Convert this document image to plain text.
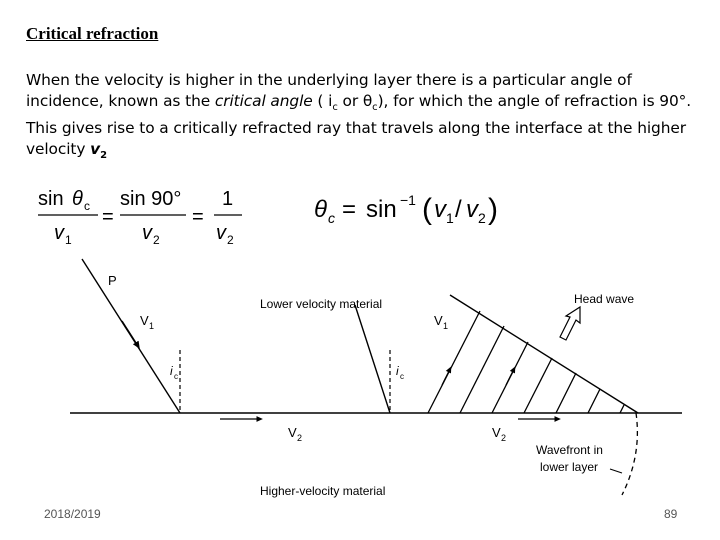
Critical refraction
When the velocity is higher in the underlying layer there is a particular angle of incidence, known as the critical angle ( $i_c$ or $\theta_c$), for which the angle of refraction is 90°. This gives rise to a critically refracted ray that travels along the interface at the higher velocity $v_2$
sin θ c
v 1
=
sin 90°
v 2
=
1
v 2
θ c = sin −1 ( v 1 / v 2 )
P
V 1	V 1
i c	i c
V 2	V 2
Lower velocity material
Higher-velocity material
Head wave
Wavefront in
lower layer
2018/2019	89
